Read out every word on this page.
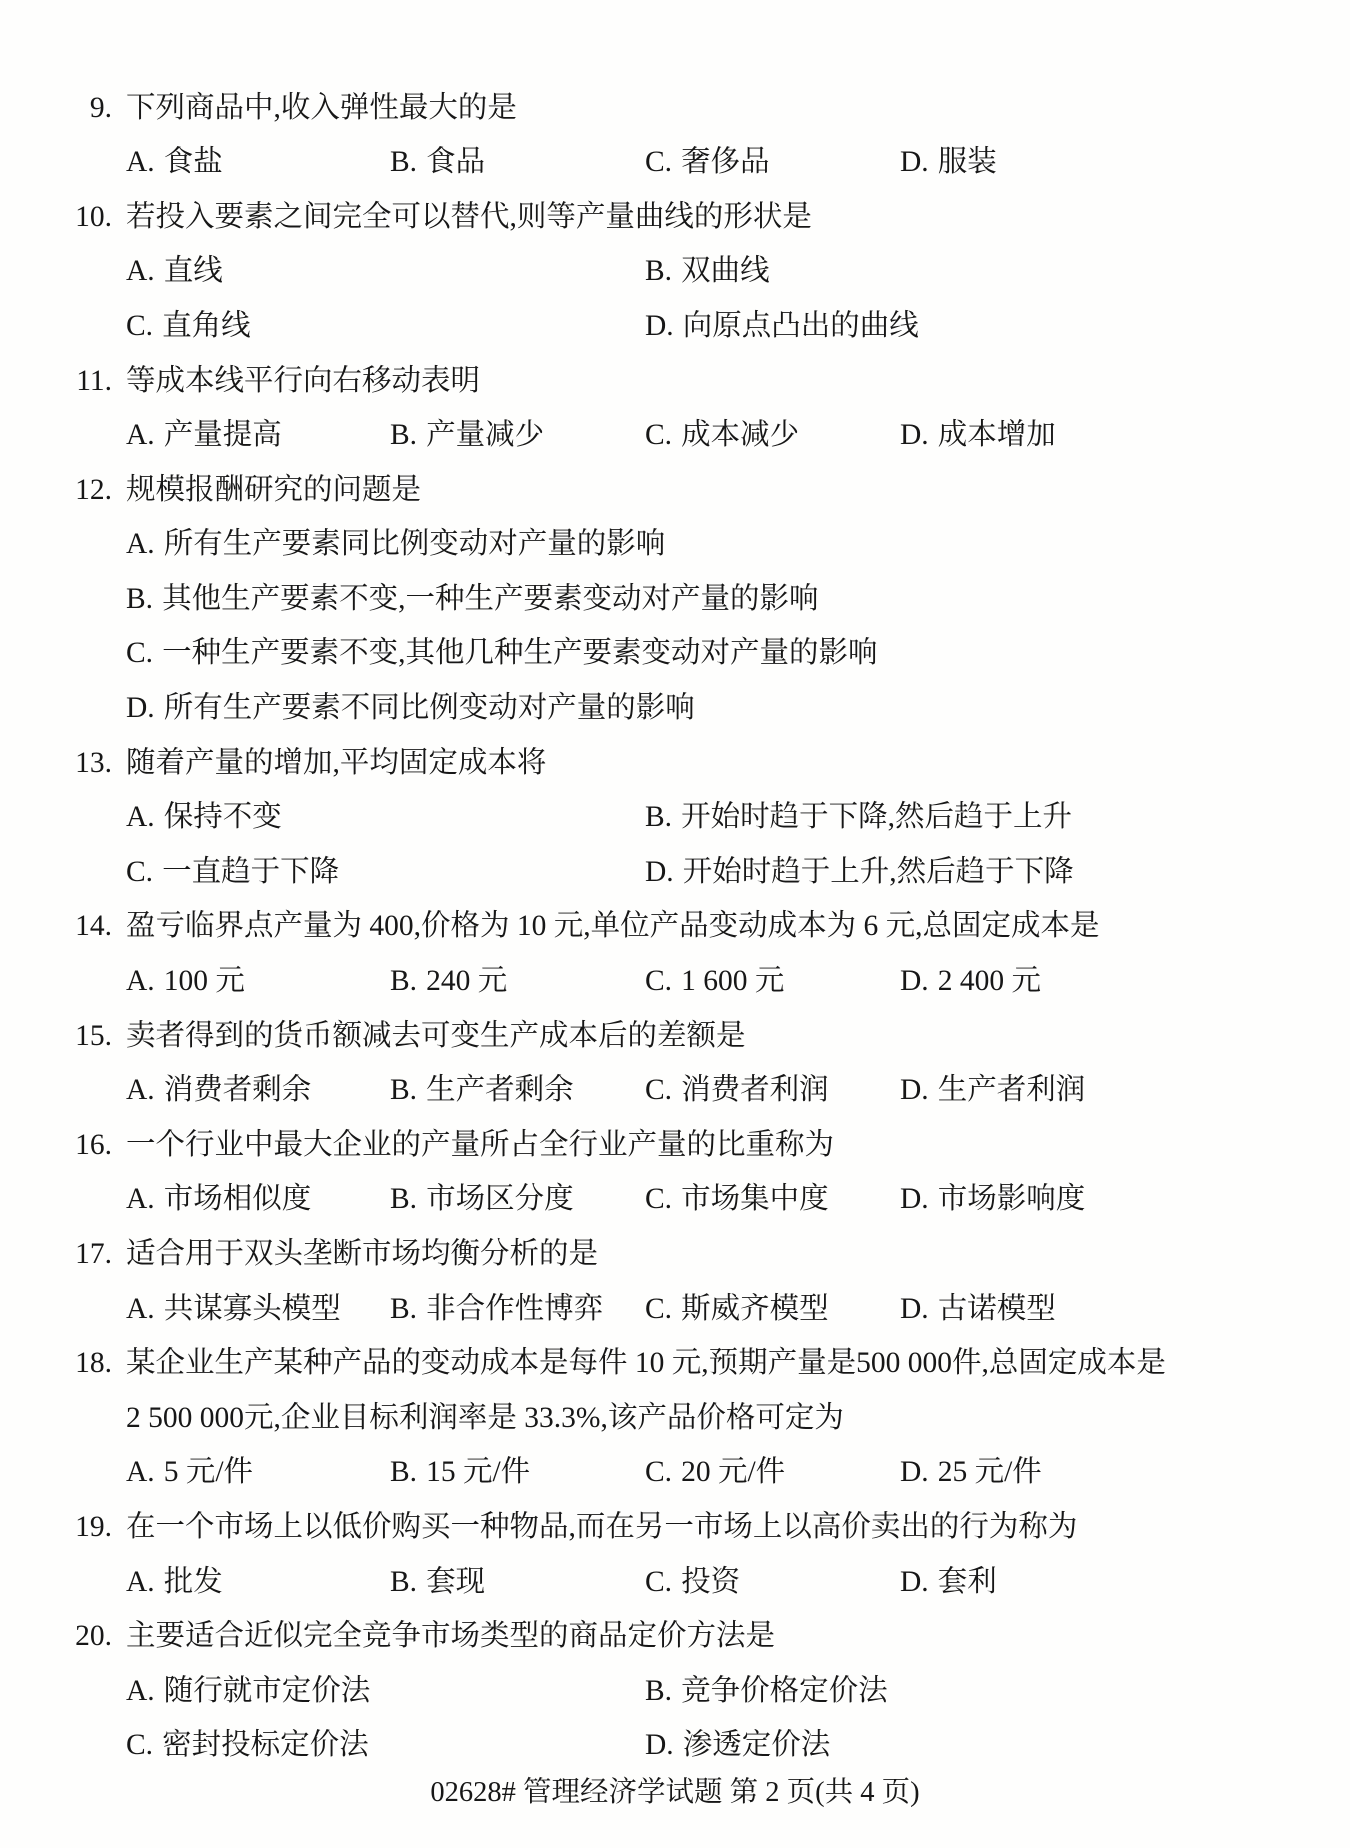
9. 下列商品中,收入弹性最大的是
A. 食盐	B. 食品	C. 奢侈品	D. 服装
10. 若投入要素之间完全可以替代,则等产量曲线的形状是
A. 直线	B. 双曲线
C. 直角线	D. 向原点凸出的曲线
11. 等成本线平行向右移动表明
A. 产量提高	B. 产量减少	C. 成本减少	D. 成本增加
12. 规模报酬研究的问题是
A. 所有生产要素同比例变动对产量的影响
B. 其他生产要素不变,一种生产要素变动对产量的影响
C. 一种生产要素不变,其他几种生产要素变动对产量的影响
D. 所有生产要素不同比例变动对产量的影响
13. 随着产量的增加,平均固定成本将
A. 保持不变	B. 开始时趋于下降,然后趋于上升
C. 一直趋于下降	D. 开始时趋于上升,然后趋于下降
14. 盈亏临界点产量为 400,价格为 10 元,单位产品变动成本为 6 元,总固定成本是
A. 100 元	B. 240 元	C. 1 600 元	D. 2 400 元
15. 卖者得到的货币额减去可变生产成本后的差额是
A. 消费者剩余	B. 生产者剩余 C. 消费者利润 D. 生产者利润
16. 一个行业中最大企业的产量所占全行业产量的比重称为
A. 市场相似度	B. 市场区分度 C. 市场集中度 D. 市场影响度
17. 适合用于双头垄断市场均衡分析的是
A. 共谋寡头模型 B. 非合作性博弈 C. 斯威齐模型 D. 古诺模型
18. 某企业生产某种产品的变动成本是每件 10 元,预期产量是500 000件,总固定成本是
2 500 000元,企业目标利润率是 33.3%,该产品价格可定为
A. 5 元/件	B. 15 元/件	C. 20 元/件	D. 25 元/件
19. 在一个市场上以低价购买一种物品,而在另一市场上以高价卖出的行为称为
A. 批发	B. 套现	C. 投资	D. 套利
20. 主要适合近似完全竞争市场类型的商品定价方法是
A. 随行就市定价法	B. 竞争价格定价法
C. 密封投标定价法	D. 渗透定价法
02628# 管理经济学试题 第 2 页(共 4 页)
